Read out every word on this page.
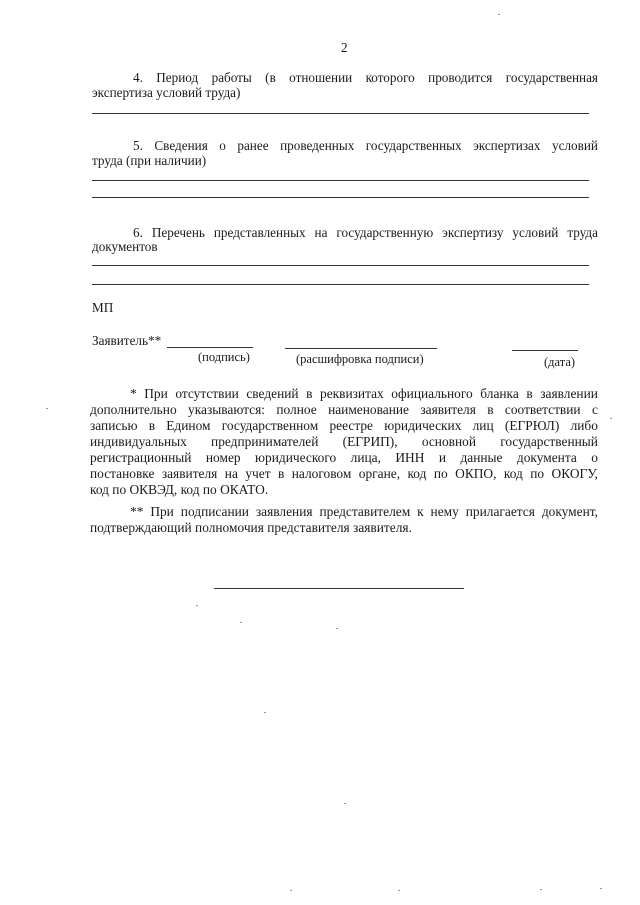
2
4. Период работы (в отношении которого проводится государственная
экспертиза условий труда)
5. Сведения о ранее проведенных государственных экспертизах условий
труда (при наличии)
6. Перечень представленных на государственную экспертизу условий труда
документов
МП
Заявитель**
(подпись)	(расшифровка подписи)	(дата)
* При отсутствии сведений в реквизитах официального бланка в заявлении
дополнительно указываются: полное наименование заявителя в соответствии с
записью в Едином государственном реестре юридических лиц (ЕГРЮЛ) либо
индивидуальных предпринимателей (ЕГРИП), основной государственный
регистрационный номер юридического лица, ИНН и данные документа о
постановке заявителя на учет в налоговом органе, код по ОКПО, код по ОКОГУ,
код по ОКВЭД, код по ОКАТО.
** При подписании заявления представителем к нему прилагается документ,
подтверждающий полномочия представителя заявителя.
